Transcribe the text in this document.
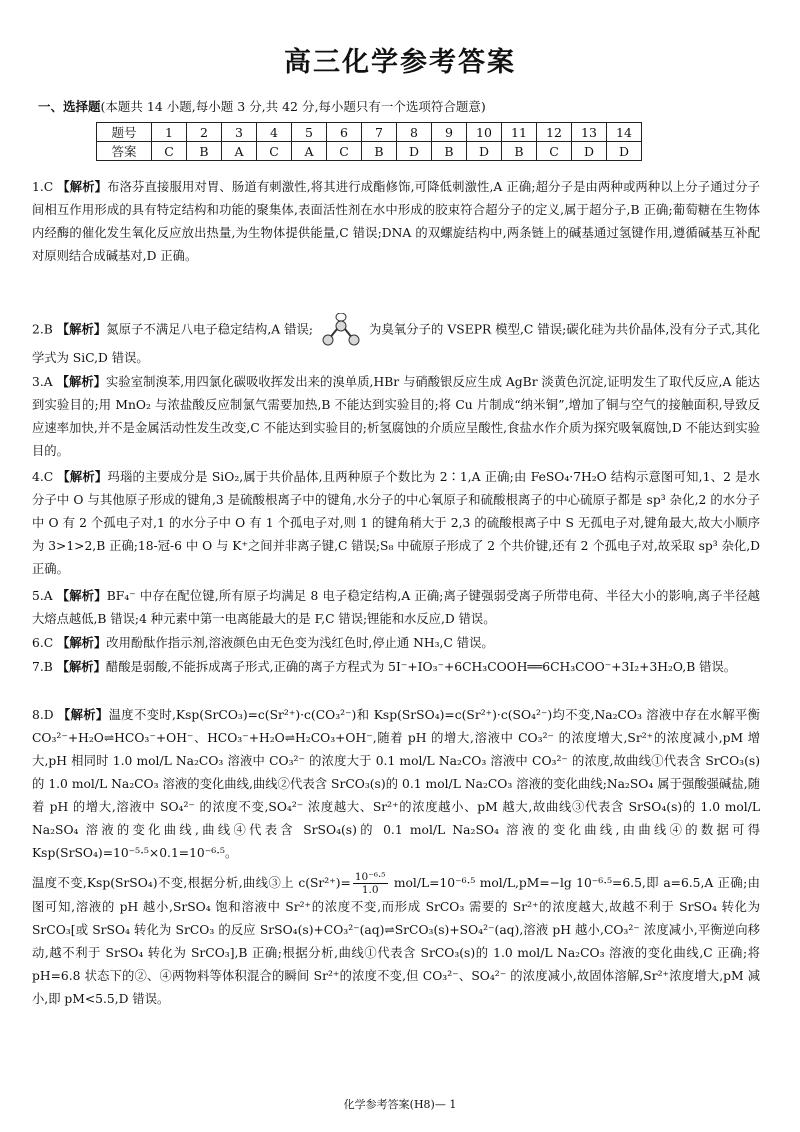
高三化学参考答案
一、选择题(本题共 14 小题,每小题 3 分,共 42 分,每小题只有一个选项符合题意)
题号	1	2	3	4	5	6	7	8	9	10	11	12	13	14
答案	C	B	A	C	A	C	B	D	B	D	B	C	D	D
1.C 【解析】布洛芬直接服用对胃、肠道有刺激性,将其进行成酯修饰,可降低刺激性,A 正确;超分子是由两种或两种以上分子通过分子间相互作用形成的具有特定结构和功能的聚集体,表面活性剂在水中形成的胶束符合超分子的定义,属于超分子,B 正确;葡萄糖在生物体内经酶的催化发生氧化反应放出热量,为生物体提供能量,C 错误;DNA 的双螺旋结构中,两条链上的碱基通过氢键作用,遵循碱基互补配对原则结合成碱基对,D 正确。
2.B 【解析】氮原子不满足八电子稳定结构,A 错误;	为臭氧分子的 VSEPR 模型,C 错误;碳化硅为共价晶体,没有分子式,其化学式为 SiC,D 错误。
3.A 【解析】实验室制溴苯,用四氯化碳吸收挥发出来的溴单质,HBr 与硝酸银反应生成 AgBr 淡黄色沉淀,证明发生了取代反应,A 能达到实验目的;用 MnO₂ 与浓盐酸反应制氯气需要加热,B 不能达到实验目的;将 Cu 片制成“纳米铜”,增加了铜与空气的接触面积,导致反应速率加快,并不是金属活动性发生改变,C 不能达到实验目的;析氢腐蚀的介质应呈酸性,食盐水作介质为探究吸氧腐蚀,D 不能达到实验目的。
4.C 【解析】玛瑙的主要成分是 SiO₂,属于共价晶体,且两种原子个数比为 2∶1,A 正确;由 FeSO₄·7H₂O 结构示意图可知,1、2 是水分子中 O 与其他原子形成的键角,3 是硫酸根离子中的键角,水分子的中心氧原子和硫酸根离子的中心硫原子都是 sp³ 杂化,2 的水分子中 O 有 2 个孤电子对,1 的水分子中 O 有 1 个孤电子对,则 1 的键角稍大于 2,3 的硫酸根离子中 S 无孤电子对,键角最大,故大小顺序为 3>1>2,B 正确;18-冠-6 中 O 与 K⁺之间并非离子键,C 错误;S₈ 中硫原子形成了 2 个共价键,还有 2 个孤电子对,故采取 sp³ 杂化,D 正确。
5.A 【解析】BF₄⁻ 中存在配位键,所有原子均满足 8 电子稳定结构,A 正确;离子键强弱受离子所带电荷、半径大小的影响,离子半径越大熔点越低,B 错误;4 种元素中第一电离能最大的是 F,C 错误;锂能和水反应,D 错误。
6.C 【解析】改用酚酞作指示剂,溶液颜色由无色变为浅红色时,停止通 NH₃,C 错误。
7.B 【解析】醋酸是弱酸,不能拆成离子形式,正确的离子方程式为 5I⁻+IO₃⁻+6CH₃COOH══6CH₃COO⁻+3I₂+3H₂O,B 错误。
8.D 【解析】温度不变时,Ksp(SrCO₃)=c(Sr²⁺)·c(CO₃²⁻)和 Ksp(SrSO₄)=c(Sr²⁺)·c(SO₄²⁻)均不变,Na₂CO₃ 溶液中存在水解平衡 CO₃²⁻+H₂O⇌HCO₃⁻+OH⁻、HCO₃⁻+H₂O⇌H₂CO₃+OH⁻,随着 pH 的增大,溶液中 CO₃²⁻ 的浓度增大,Sr²⁺的浓度减小,pM 增大,pH 相同时 1.0 mol/L Na₂CO₃ 溶液中 CO₃²⁻ 的浓度大于 0.1 mol/L Na₂CO₃ 溶液中 CO₃²⁻ 的浓度,故曲线①代表含 SrCO₃(s)的 1.0 mol/L Na₂CO₃ 溶液的变化曲线,曲线②代表含 SrCO₃(s)的 0.1 mol/L Na₂CO₃ 溶液的变化曲线;Na₂SO₄ 属于强酸强碱盐,随着 pH 的增大,溶液中 SO₄²⁻ 的浓度不变,SO₄²⁻ 浓度越大、Sr²⁺的浓度越小、pM 越大,故曲线③代表含 SrSO₄(s)的 1.0 mol/L Na₂SO₄ 溶液的变化曲线,曲线④代表含 SrSO₄(s)的 0.1 mol/L Na₂SO₄ 溶液的变化曲线,由曲线④的数据可得 Ksp(SrSO₄)=10⁻⁵·⁵×0.1=10⁻⁶·⁵。

温度不变,Ksp(SrSO₄)不变,根据分析,曲线③上 $c(Sr^{2+})= \frac{\text{10⁻⁶·⁵}}{1.0} mol/L=10^{-6}\cdot^5$ mol/L,pM=−lg 10⁻⁶·⁵=6.5,即 a=6.5,A 正确;由图可知,溶液的 pH 越小,SrSO₄ 饱和溶液中 Sr²⁺的浓度不变,而形成 SrCO₃ 需要的 Sr²⁺的浓度越大,故越不利于 SrSO₄ 转化为 SrCO₃[或 SrSO₄ 转化为 SrCO₃ 的反应 SrSO₄(s)+CO₃²⁻(aq)⇌SrCO₃(s)+SO₄²⁻(aq),溶液 pH 越小,CO₃²⁻ 浓度减小,平衡逆向移动,越不利于 SrSO₄ 转化为 SrCO₃],B 正确;根据分析,曲线①代表含 SrCO₃(s)的 1.0 mol/L Na₂CO₃ 溶液的变化曲线,C 正确;将 pH=6.8 状态下的②、④两物料等体积混合的瞬间 Sr²⁺的浓度不变,但 CO₃²⁻、SO₄²⁻ 的浓度减小,故固体溶解,Sr²⁺浓度增大,pM 减小,即 pM<5.5,D 错误。

化学参考答案(H8)— 1
